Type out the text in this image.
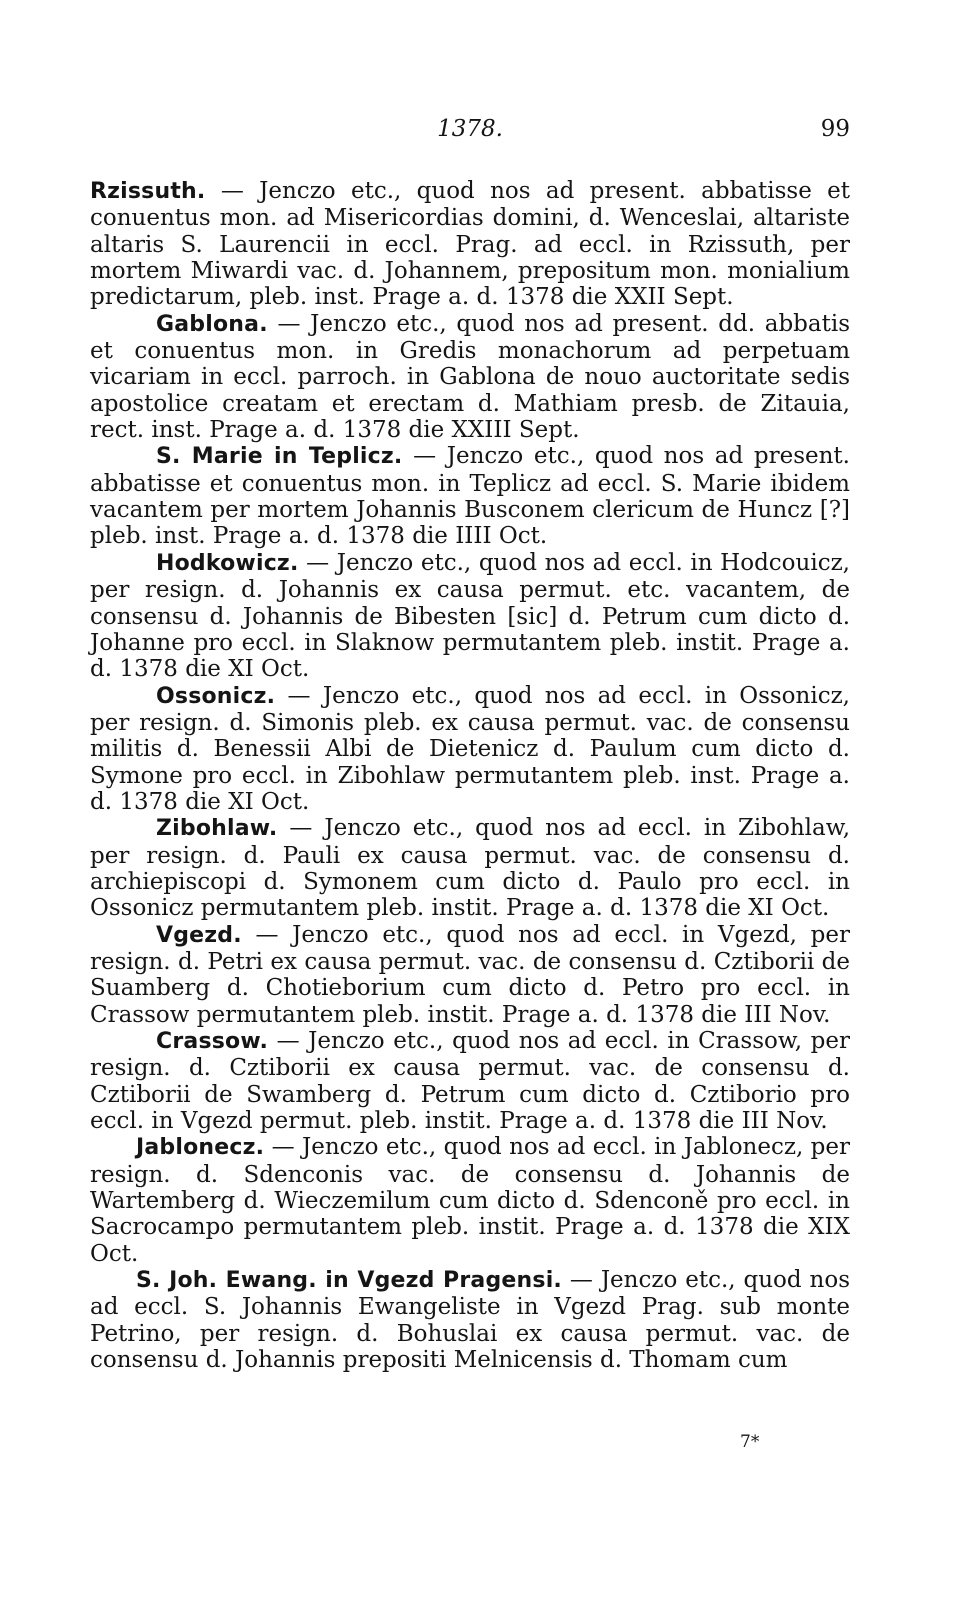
1378.	99

Rzissuth. — Jenczo etc., quod nos ad present. abbatisse et conuentus mon. ad Misericordias domini, d. Wenceslai, altariste altaris S. Laurencii in eccl. Prag. ad eccl. in Rzissuth, per mortem Miwardi vac. d. Johannem, prepositum mon. monialium predictarum, pleb. inst. Prage a. d. 1378 die XXII Sept.

Gablona. — Jenczo etc., quod nos ad present. dd. abbatis et conuentus mon. in Gredis monachorum ad perpetuam vicariam in eccl. parroch. in Gablona de nouo auctoritate sedis apostolice creatam et erectam d. Mathiam presb. de Zitauia, rect. inst. Prage a. d. 1378 die XXIII Sept.

S. Marie in Teplicz. — Jenczo etc., quod nos ad present. abbatisse et conuentus mon. in Teplicz ad eccl. S. Marie ibidem vacantem per mortem Johannis Busconem clericum de Huncz [?] pleb. inst. Prage a. d. 1378 die IIII Oct.

Hodkowicz. — Jenczo etc., quod nos ad eccl. in Hodcouicz, per resign. d. Johannis ex causa permut. etc. vacantem, de consensu d. Johannis de Bibesten [sic] d. Petrum cum dicto d. Johanne pro eccl. in Slaknow permutantem pleb. instit. Prage a. d. 1378 die XI Oct.

Ossonicz. — Jenczo etc., quod nos ad eccl. in Ossonicz, per resign. d. Simonis pleb. ex causa permut. vac. de consensu militis d. Benessii Albi de Dietenicz d. Paulum cum dicto d. Symone pro eccl. in Zibohlaw permutantem pleb. inst. Prage a. d. 1378 die XI Oct.

Zibohlaw. — Jenczo etc., quod nos ad eccl. in Zibohlaw, per resign. d. Pauli ex causa permut. vac. de consensu d. archiepiscopi d. Symonem cum dicto d. Paulo pro eccl. in Ossonicz permutantem pleb. instit. Prage a. d. 1378 die XI Oct.

Vgezd. — Jenczo etc., quod nos ad eccl. in Vgezd, per resign. d. Petri ex causa permut. vac. de consensu d. Cztiborii de Suamberg d. Chotieborium cum dicto d. Petro pro eccl. in Crassow permutantem pleb. instit. Prage a. d. 1378 die III Nov.

Crassow. — Jenczo etc., quod nos ad eccl. in Crassow, per resign. d. Cztiborii ex causa permut. vac. de consensu d. Cztiborii de Swamberg d. Petrum cum dicto d. Cztiborio pro eccl. in Vgezd permut. pleb. instit. Prage a. d. 1378 die III Nov.

Jablonecz. — Jenczo etc., quod nos ad eccl. in Jablonecz, per resign. d. Sdenconis vac. de consensu d. Johannis de Wartemberg d. Wieczemilum cum dicto d. Sdenconě pro eccl. in Sacrocampo permutantem pleb. instit. Prage a. d. 1378 die XIX Oct.

S. Joh. Ewang. in Vgezd Pragensi. — Jenczo etc., quod nos ad eccl. S. Johannis Ewangeliste in Vgezd Prag. sub monte Petrino, per resign. d. Bohuslai ex causa permut. vac. de consensu d. Johannis prepositi Melnicensis d. Thomam cum

7*
